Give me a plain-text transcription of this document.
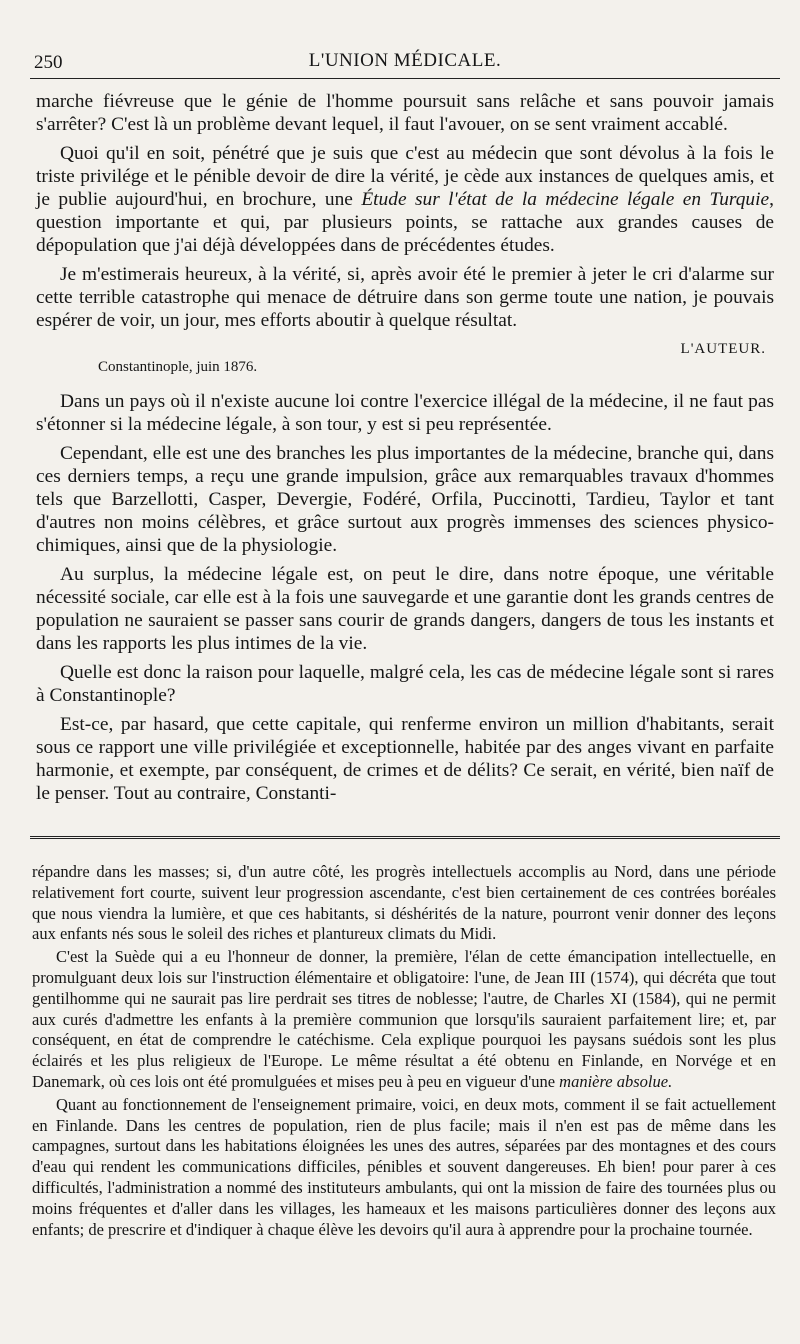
250	L'UNION MÉDICALE.

marche fiévreuse que le génie de l'homme poursuit sans relâche et sans pouvoir jamais s'arrêter? C'est là un problème devant lequel, il faut l'avouer, on se sent vraiment accablé.

Quoi qu'il en soit, pénétré que je suis que c'est au médecin que sont dévolus à la fois le triste privilége et le pénible devoir de dire la vérité, je cède aux instances de quelques amis, et je publie aujourd'hui, en brochure, une Étude sur l'état de la médecine légale en Turquie, question importante et qui, par plusieurs points, se rattache aux grandes causes de dépopulation que j'ai déjà développées dans de précédentes études.

Je m'estimerais heureux, à la vérité, si, après avoir été le premier à jeter le cri d'alarme sur cette terrible catastrophe qui menace de détruire dans son germe toute une nation, je pouvais espérer de voir, un jour, mes efforts aboutir à quelque résultat.

L'AUTEUR.
Constantinople, juin 1876.

Dans un pays où il n'existe aucune loi contre l'exercice illégal de la médecine, il ne faut pas s'étonner si la médecine légale, à son tour, y est si peu représentée.

Cependant, elle est une des branches les plus importantes de la médecine, branche qui, dans ces derniers temps, a reçu une grande impulsion, grâce aux remarquables travaux d'hommes tels que Barzellotti, Casper, Devergie, Fodéré, Orfila, Puccinotti, Tardieu, Taylor et tant d'autres non moins célèbres, et grâce surtout aux progrès immenses des sciences physico-chimiques, ainsi que de la physiologie.

Au surplus, la médecine légale est, on peut le dire, dans notre époque, une véritable nécessité sociale, car elle est à la fois une sauvegarde et une garantie dont les grands centres de population ne sauraient se passer sans courir de grands dangers, dangers de tous les instants et dans les rapports les plus intimes de la vie.

Quelle est donc la raison pour laquelle, malgré cela, les cas de médecine légale sont si rares à Constantinople?

Est-ce, par hasard, que cette capitale, qui renferme environ un million d'habitants, serait sous ce rapport une ville privilégiée et exceptionnelle, habitée par des anges vivant en parfaite harmonie, et exempte, par conséquent, de crimes et de délits? Ce serait, en vérité, bien naïf de le penser. Tout au contraire, Constanti-

répandre dans les masses; si, d'un autre côté, les progrès intellectuels accomplis au Nord, dans une période relativement fort courte, suivent leur progression ascendante, c'est bien certainement de ces contrées boréales que nous viendra la lumière, et que ces habitants, si déshérités de la nature, pourront venir donner des leçons aux enfants nés sous le soleil des riches et plantureux climats du Midi.

C'est la Suède qui a eu l'honneur de donner, la première, l'élan de cette émancipation intellectuelle, en promulguant deux lois sur l'instruction élémentaire et obligatoire: l'une, de Jean III (1574), qui décréta que tout gentilhomme qui ne saurait pas lire perdrait ses titres de noblesse; l'autre, de Charles XI (1584), qui ne permit aux curés d'admettre les enfants à la première communion que lorsqu'ils sauraient parfaitement lire; et, par conséquent, en état de comprendre le catéchisme. Cela explique pourquoi les paysans suédois sont les plus éclairés et les plus religieux de l'Europe. Le même résultat a été obtenu en Finlande, en Norvége et en Danemark, où ces lois ont été promulguées et mises peu à peu en vigueur d'une manière absolue.

Quant au fonctionnement de l'enseignement primaire, voici, en deux mots, comment il se fait actuellement en Finlande. Dans les centres de population, rien de plus facile; mais il n'en est pas de même dans les campagnes, surtout dans les habitations éloignées les unes des autres, séparées par des montagnes et des cours d'eau qui rendent les communications difficiles, pénibles et souvent dangereuses. Eh bien! pour parer à ces difficultés, l'administration a nommé des instituteurs ambulants, qui ont la mission de faire des tournées plus ou moins fréquentes et d'aller dans les villages, les hameaux et les maisons particulières donner des leçons aux enfants; de prescrire et d'indiquer à chaque élève les devoirs qu'il aura à apprendre pour la prochaine tournée.
